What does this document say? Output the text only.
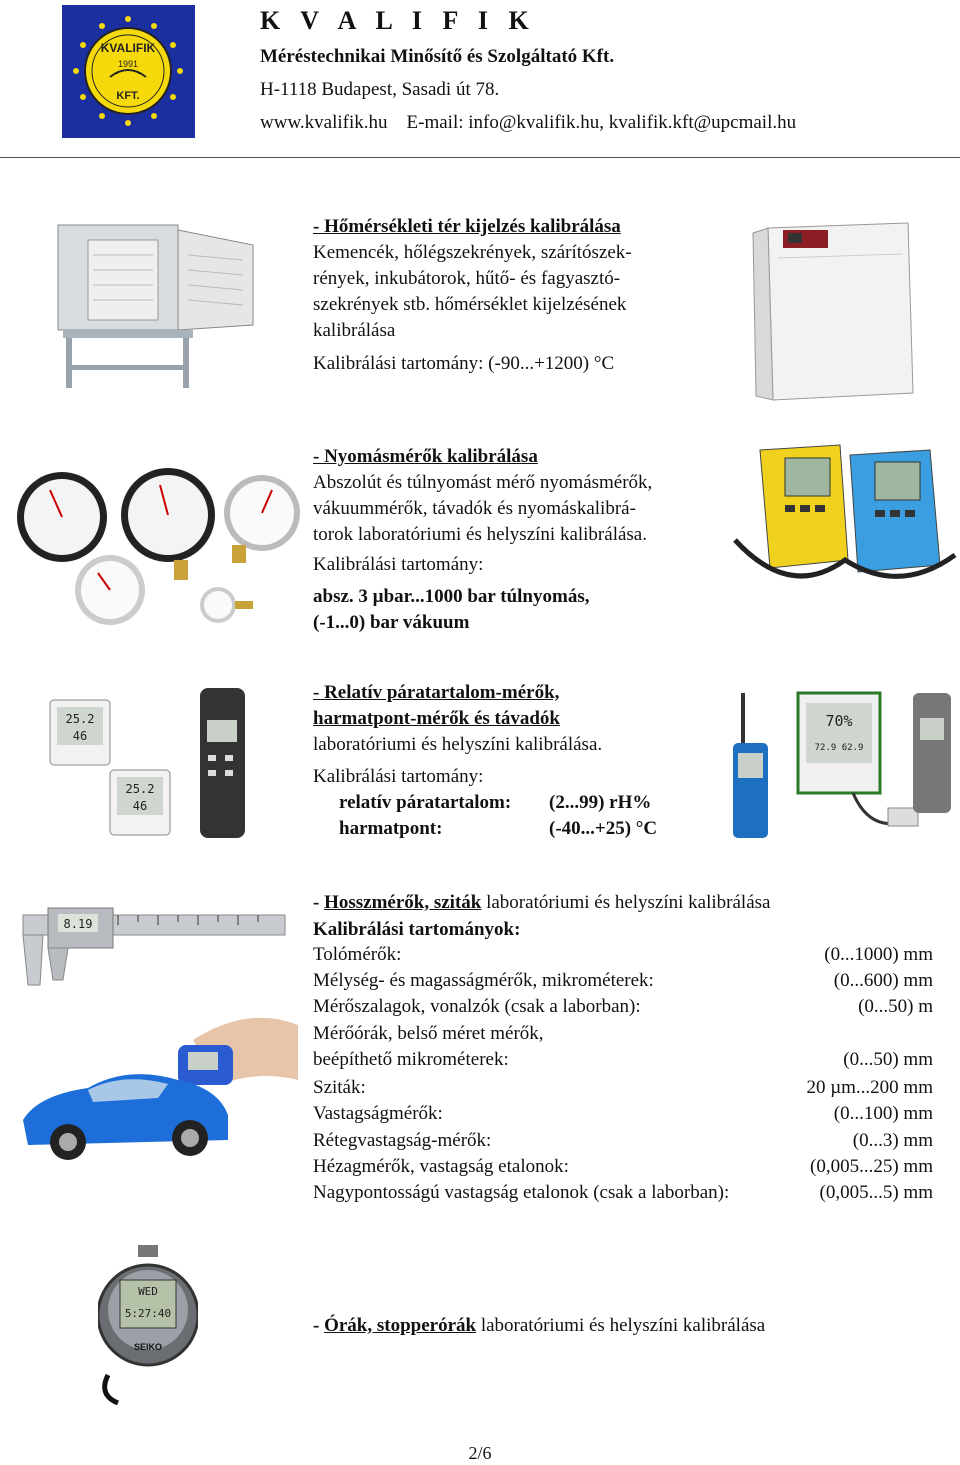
KVALIFIK
1991
KFT.
K V A L I F I K
Méréstechnikai Minősítő és Szolgáltató Kft.
H-1118 Budapest, Sasadi út 78.
www.kvalifik.hu    E-mail: info@kvalifik.hu, kvalifik.kft@upcmail.hu
- Hőmérsékleti tér kijelzés kalibrálása
Kemencék, hőlégszekrények, szárítószek-
rények, inkubátorok, hűtő- és fagyasztó-
szekrények stb. hőmérséklet kijelzésének
kalibrálása
Kalibrálási tartomány: (-90...+1200) °C
- Nyomásmérők kalibrálása
Abszolút és túlnyomást mérő nyomásmérők,
vákuummérők, távadók és nyomáskalibrá-
torok laboratóriumi és helyszíni kalibrálása.
Kalibrálási tartomány:
absz. 3 µbar...1000 bar túlnyomás,
(-1...0) bar vákuum
25.2
46
25.2
46
- Relatív páratartalom-mérők,
harmatpont-mérők és távadók
laboratóriumi és helyszíni kalibrálása.
Kalibrálási tartomány:
relatív páratartalom: (2...99) rH%
harmatpont:	(-40...+25) °C
70%
72.9 62.9
8.19
- Hosszmérők, sziták laboratóriumi és helyszíni kalibrálása
Kalibrálási tartományok:
Tolómérők:	(0...1000) mm
Mélység- és magasságmérők, mikrométerek:	(0...600) mm
Mérőszalagok, vonalzók (csak a laborban):	(0...50) m
Mérőórák, belső méret mérők,
beépíthető mikrométerek:	(0...50) mm
Sziták:	20 µm...200 mm
Vastagságmérők:	(0...100) mm
Rétegvastagság-mérők:	(0...3) mm
Hézagmérők, vastagság etalonok:	(0,005...25) mm
Nagypontosságú vastagság etalonok (csak a laborban):	(0,005...5) mm
WED
5:27:40
SEIKO
- Órák, stopperórák laboratóriumi és helyszíni kalibrálása
2/6
